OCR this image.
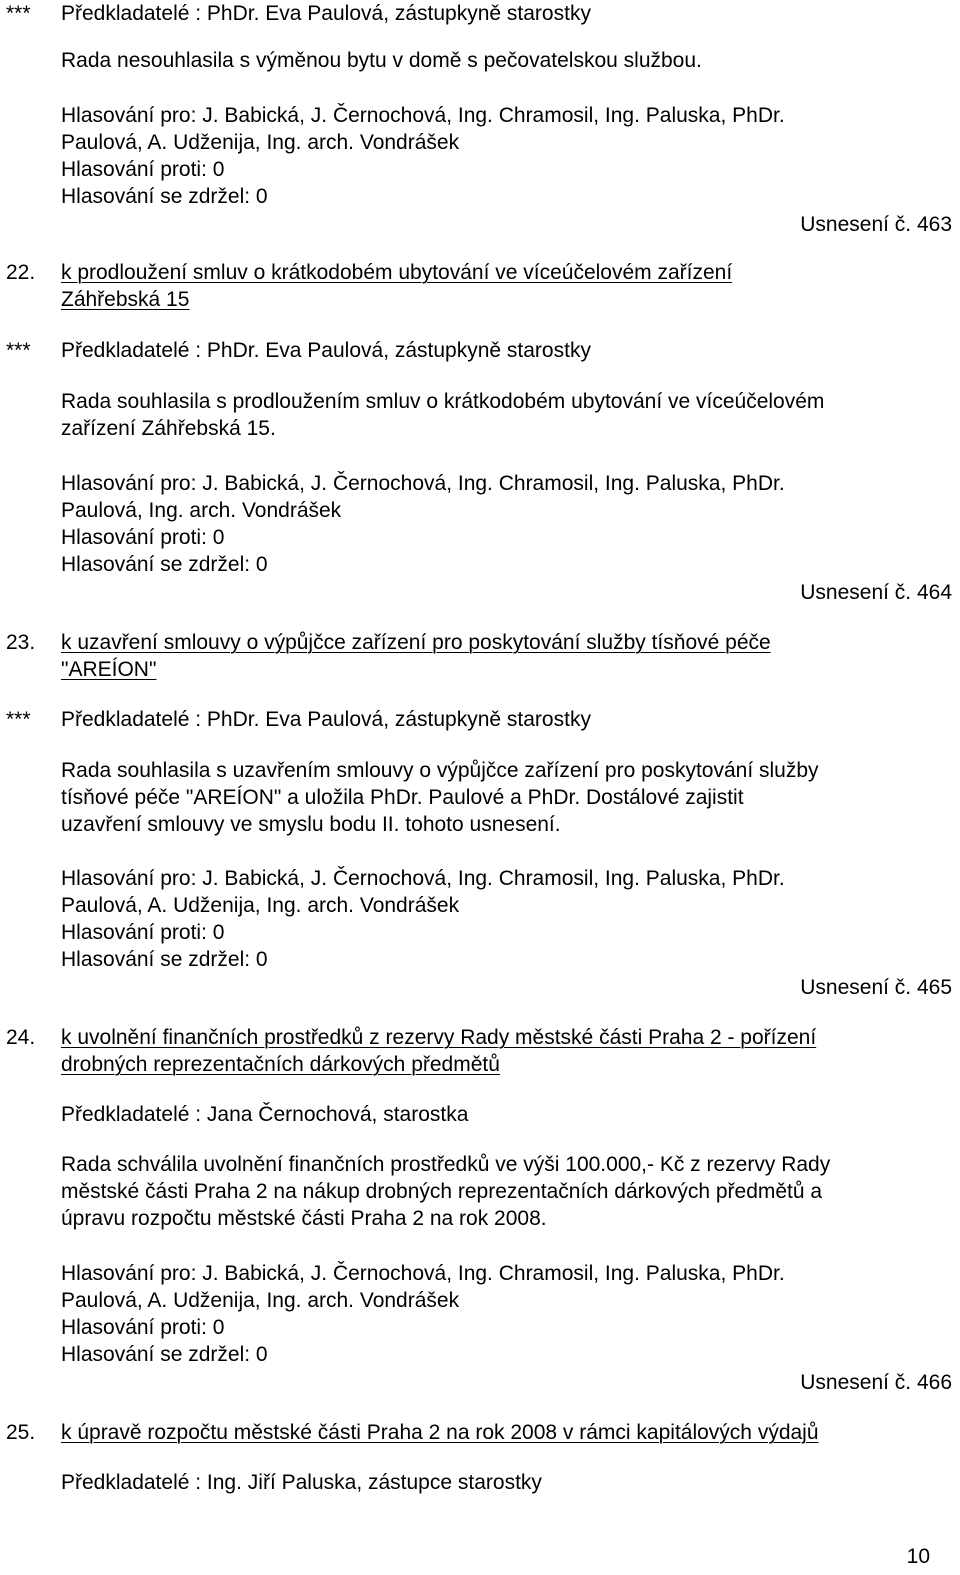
*** Předkladatelé : PhDr. Eva Paulová, zástupkyně starostky
Rada nesouhlasila s výměnou bytu v domě s pečovatelskou službou.
Hlasování pro: J. Babická, J. Černochová, Ing. Chramosil, Ing. Paluska, PhDr.
Paulová, A. Udženija, Ing. arch. Vondrášek
Hlasování proti: 0
Hlasování se zdržel: 0
Usnesení č. 463
22. k prodloužení smluv o krátkodobém ubytování ve víceúčelovém zařízení
Záhřebská 15
*** Předkladatelé : PhDr. Eva Paulová, zástupkyně starostky
Rada souhlasila s prodloužením smluv o krátkodobém ubytování ve víceúčelovém
zařízení Záhřebská 15.
Hlasování pro: J. Babická, J. Černochová, Ing. Chramosil, Ing. Paluska, PhDr.
Paulová, Ing. arch. Vondrášek
Hlasování proti: 0
Hlasování se zdržel: 0
Usnesení č. 464
23. k uzavření smlouvy o výpůjčce zařízení pro poskytování služby tísňové péče
"AREÍON"
*** Předkladatelé : PhDr. Eva Paulová, zástupkyně starostky
Rada souhlasila s uzavřením smlouvy o výpůjčce zařízení pro poskytování služby
tísňové péče "AREÍON" a uložila PhDr. Paulové a PhDr. Dostálové zajistit
uzavření smlouvy ve smyslu bodu II. tohoto usnesení.
Hlasování pro: J. Babická, J. Černochová, Ing. Chramosil, Ing. Paluska, PhDr.
Paulová, A. Udženija, Ing. arch. Vondrášek
Hlasování proti: 0
Hlasování se zdržel: 0
Usnesení č. 465
24. k uvolnění finančních prostředků z rezervy Rady městské části Praha 2 - pořízení
drobných reprezentačních dárkových předmětů
Předkladatelé : Jana Černochová, starostka
Rada schválila uvolnění finančních prostředků ve výši 100.000,- Kč z rezervy Rady
městské části Praha 2 na nákup drobných reprezentačních dárkových předmětů a
úpravu rozpočtu městské části Praha 2 na rok 2008.
Hlasování pro: J. Babická, J. Černochová, Ing. Chramosil, Ing. Paluska, PhDr.
Paulová, A. Udženija, Ing. arch. Vondrášek
Hlasování proti: 0
Hlasování se zdržel: 0
Usnesení č. 466
25. k úpravě rozpočtu městské části Praha 2 na rok 2008 v rámci kapitálových výdajů
Předkladatelé : Ing. Jiří Paluska, zástupce starostky
10
